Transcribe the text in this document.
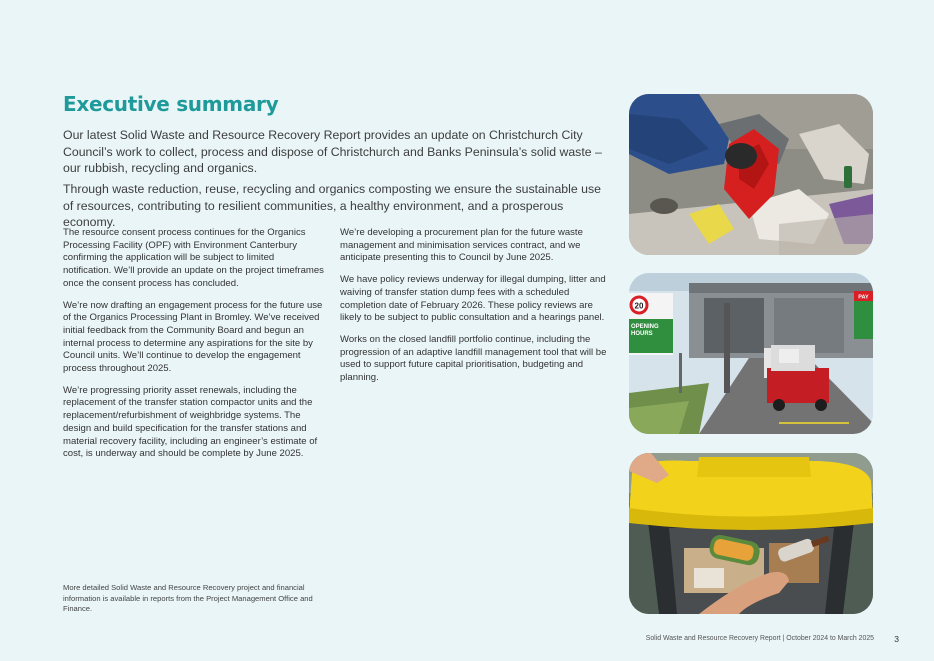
Executive summary

Our latest Solid Waste and Resource Recovery Report provides an update on Christchurch City Council’s work to collect, process and dispose of Christchurch and Banks Peninsula’s solid waste – our rubbish, recycling and organics.

Through waste reduction, reuse, recycling and organics composting we ensure the sustainable use of resources, contributing to resilient communities, a healthy environment, and a prosperous economy.

The resource consent process continues for the Organics Processing Facility (OPF) with Environment Canterbury confirming the application will be subject to limited notification. We’ll provide an update on the project timeframes once the consent process has concluded.

We’re now drafting an engagement process for the future use of the Organics Processing Plant in Bromley. We’ve received initial feedback from the Community Board and begun an internal process to determine any aspirations for the site by Council units. We’ll continue to develop the engagement process throughout 2025.

We’re progressing priority asset renewals, including the replacement of the transfer station compactor units and the replacement/refurbishment of weighbridge systems. The design and build specification for the transfer stations and material recovery facility, including an engineer’s estimate of cost, is underway and should be complete by June 2025.

We’re developing a procurement plan for the future waste management and minimisation services contract, and we anticipate presenting this to Council by June 2025.

We have policy reviews underway for illegal dumping, litter and waiving of transfer station dump fees with a scheduled completion date of February 2026. These policy reviews are likely to be subject to public consultation and a hearings panel.

Works on the closed landfill portfolio continue, including the progression of an adaptive landfill management tool that will be used to support future capital prioritisation, budgeting and planning.

More detailed Solid Waste and Resource Recovery project and financial information is available in reports from the Project Management Office and Finance.

20
OPENING HOURS
PAY
Solid Waste and Resource Recovery Report | October 2024 to March 2025 3
